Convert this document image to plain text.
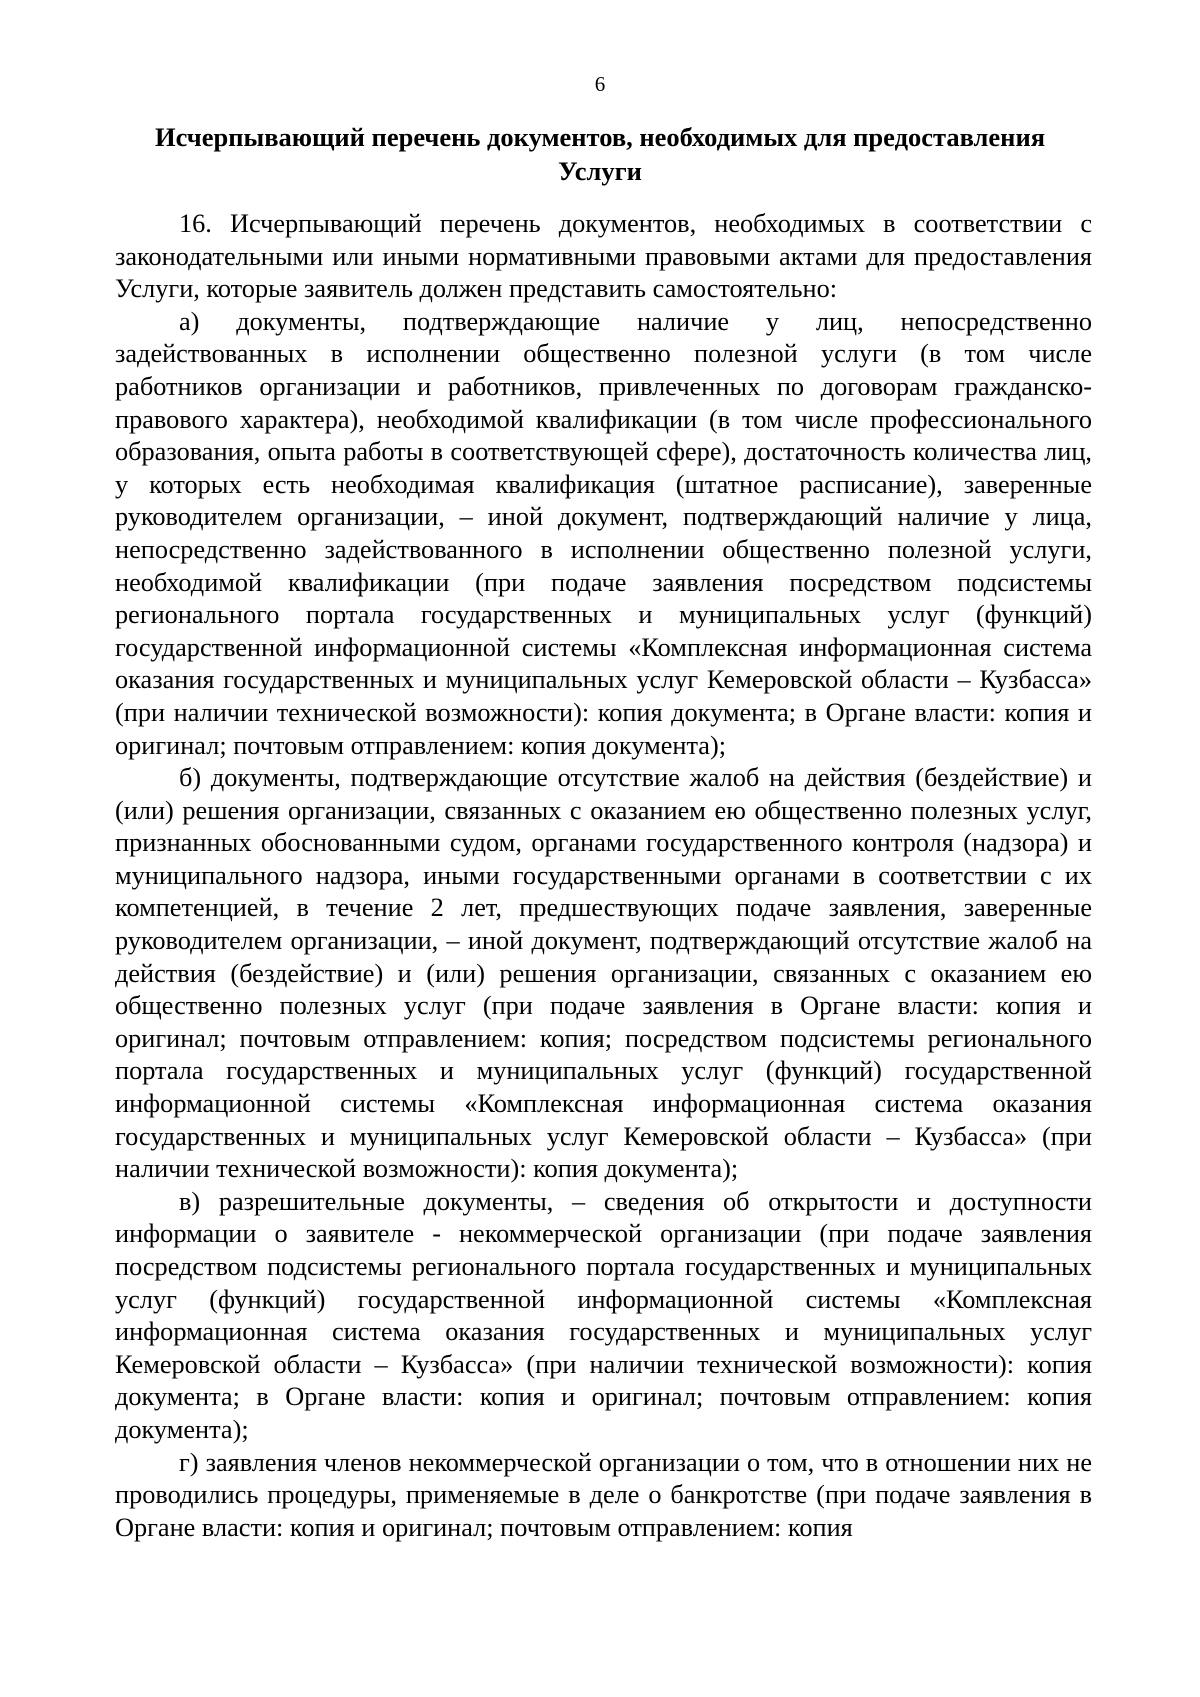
6
Исчерпывающий перечень документов, необходимых для предоставления Услуги

16. Исчерпывающий перечень документов, необходимых в соответствии с законодательными или иными нормативными правовыми актами для предоставления Услуги, которые заявитель должен представить самостоятельно:

а) документы, подтверждающие наличие у лиц, непосредственно задействованных в исполнении общественно полезной услуги (в том числе работников организации и работников, привлеченных по договорам гражданско-правового характера), необходимой квалификации (в том числе профессионального образования, опыта работы в соответствующей сфере), достаточность количества лиц, у которых есть необходимая квалификация (штатное расписание), заверенные руководителем организации, – иной документ, подтверждающий наличие у лица, непосредственно задействованного в исполнении общественно полезной услуги, необходимой квалификации (при подаче заявления посредством подсистемы регионального портала государственных и муниципальных услуг (функций) государственной информационной системы «Комплексная информационная система оказания государственных и муниципальных услуг Кемеровской области – Кузбасса» (при наличии технической возможности): копия документа; в Органе власти: копия и оригинал; почтовым отправлением: копия документа);

б) документы, подтверждающие отсутствие жалоб на действия (бездействие) и (или) решения организации, связанных с оказанием ею общественно полезных услуг, признанных обоснованными судом, органами государственного контроля (надзора) и муниципального надзора, иными государственными органами в соответствии с их компетенцией, в течение 2 лет, предшествующих подаче заявления, заверенные руководителем организации, – иной документ, подтверждающий отсутствие жалоб на действия (бездействие) и (или) решения организации, связанных с оказанием ею общественно полезных услуг (при подаче заявления в Органе власти: копия и оригинал; почтовым отправлением: копия; посредством подсистемы регионального портала государственных и муниципальных услуг (функций) государственной информационной системы «Комплексная информационная система оказания государственных и муниципальных услуг Кемеровской области – Кузбасса» (при наличии технической возможности): копия документа);

в) разрешительные документы, – сведения об открытости и доступности информации о заявителе - некоммерческой организации (при подаче заявления посредством подсистемы регионального портала государственных и муниципальных услуг (функций) государственной информационной системы «Комплексная информационная система оказания государственных и муниципальных услуг Кемеровской области – Кузбасса» (при наличии технической возможности): копия документа; в Органе власти: копия и оригинал; почтовым отправлением: копия документа);

г) заявления членов некоммерческой организации о том, что в отношении них не проводились процедуры, применяемые в деле о банкротстве (при подаче заявления в Органе власти: копия и оригинал; почтовым отправлением: копия
